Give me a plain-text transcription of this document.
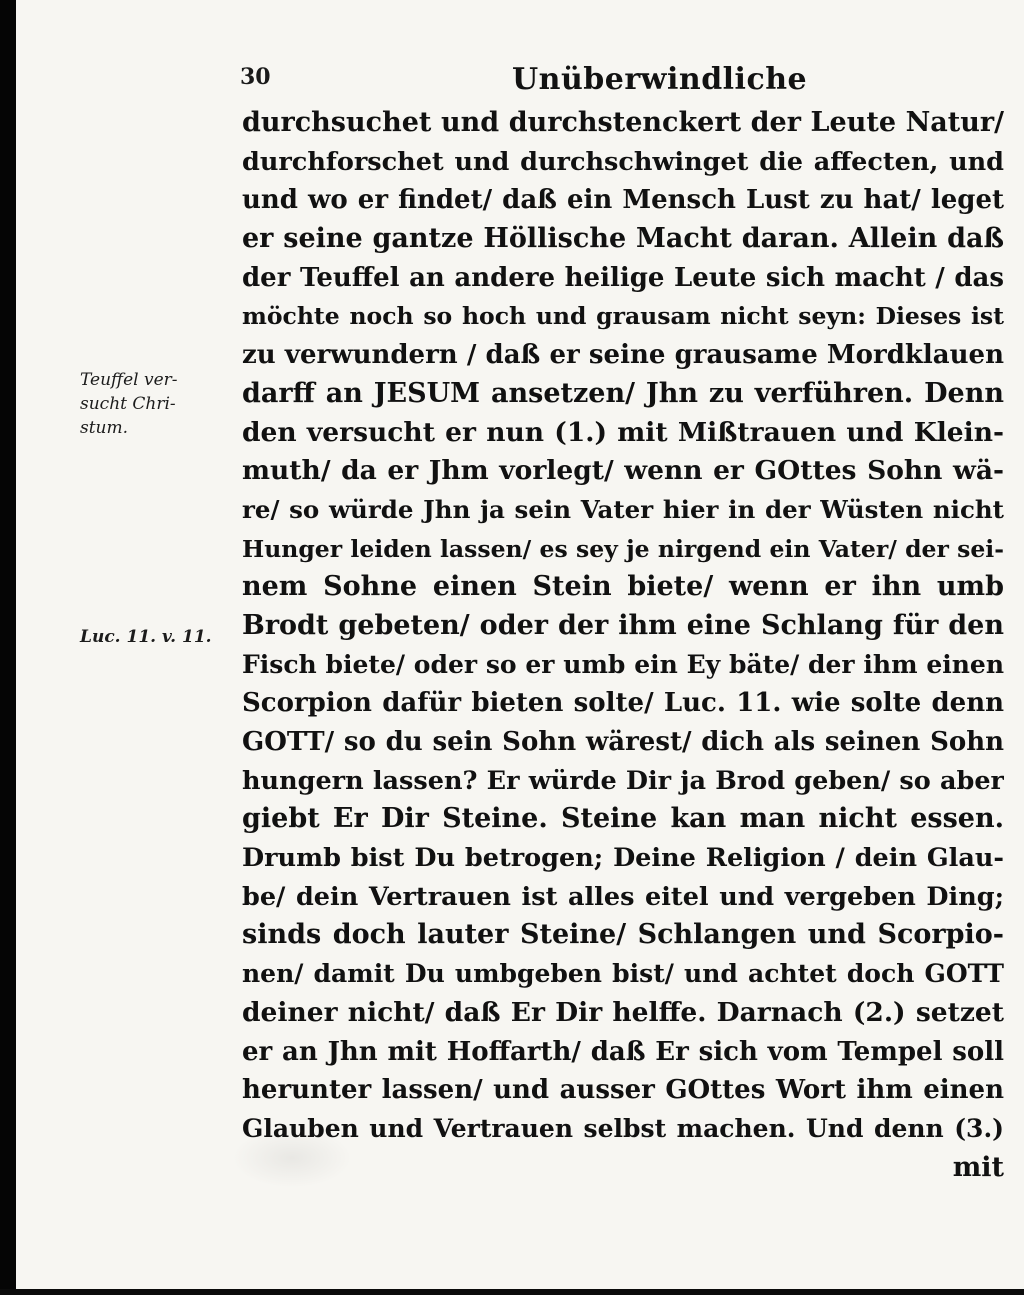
30	Unüberwindliche
Teuffel ver-
sucht Chri-
stum.
Luc. 11. v. 11.
durchsuchet und durchstenckert der Leute Natur/
durchforschet und durchschwinget die affecten, und
und wo er findet/ daß ein Mensch Lust zu hat/ leget
er seine gantze Höllische Macht daran. Allein daß
der Teuffel an andere heilige Leute sich macht / das
möchte noch so hoch und grausam nicht seyn: Dieses ist
zu verwundern / daß er seine grausame Mordklauen
darff an JESUM ansetzen/ Jhn zu verführen. Denn
den versucht er nun (1.) mit Mißtrauen und Klein-
muth/ da er Jhm vorlegt/ wenn er GOttes Sohn wä-
re/ so würde Jhn ja sein Vater hier in der Wüsten nicht
Hunger leiden lassen/ es sey je nirgend ein Vater/ der sei-
nem Sohne einen Stein biete/ wenn er ihn umb
Brodt gebeten/ oder der ihm eine Schlang für den
Fisch biete/ oder so er umb ein Ey bäte/ der ihm einen
Scorpion dafür bieten solte/ Luc. 11. wie solte denn
GOTT/ so du sein Sohn wärest/ dich als seinen Sohn
hungern lassen? Er würde Dir ja Brod geben/ so aber
giebt Er Dir Steine. Steine kan man nicht essen.
Drumb bist Du betrogen; Deine Religion / dein Glau-
be/ dein Vertrauen ist alles eitel und vergeben Ding;
sinds doch lauter Steine/ Schlangen und Scorpio-
nen/ damit Du umbgeben bist/ und achtet doch GOTT
deiner nicht/ daß Er Dir helffe. Darnach (2.) setzet
er an Jhn mit Hoffarth/ daß Er sich vom Tempel soll
herunter lassen/ und ausser GOttes Wort ihm einen
Glauben und Vertrauen selbst machen. Und denn (3.)
mit
